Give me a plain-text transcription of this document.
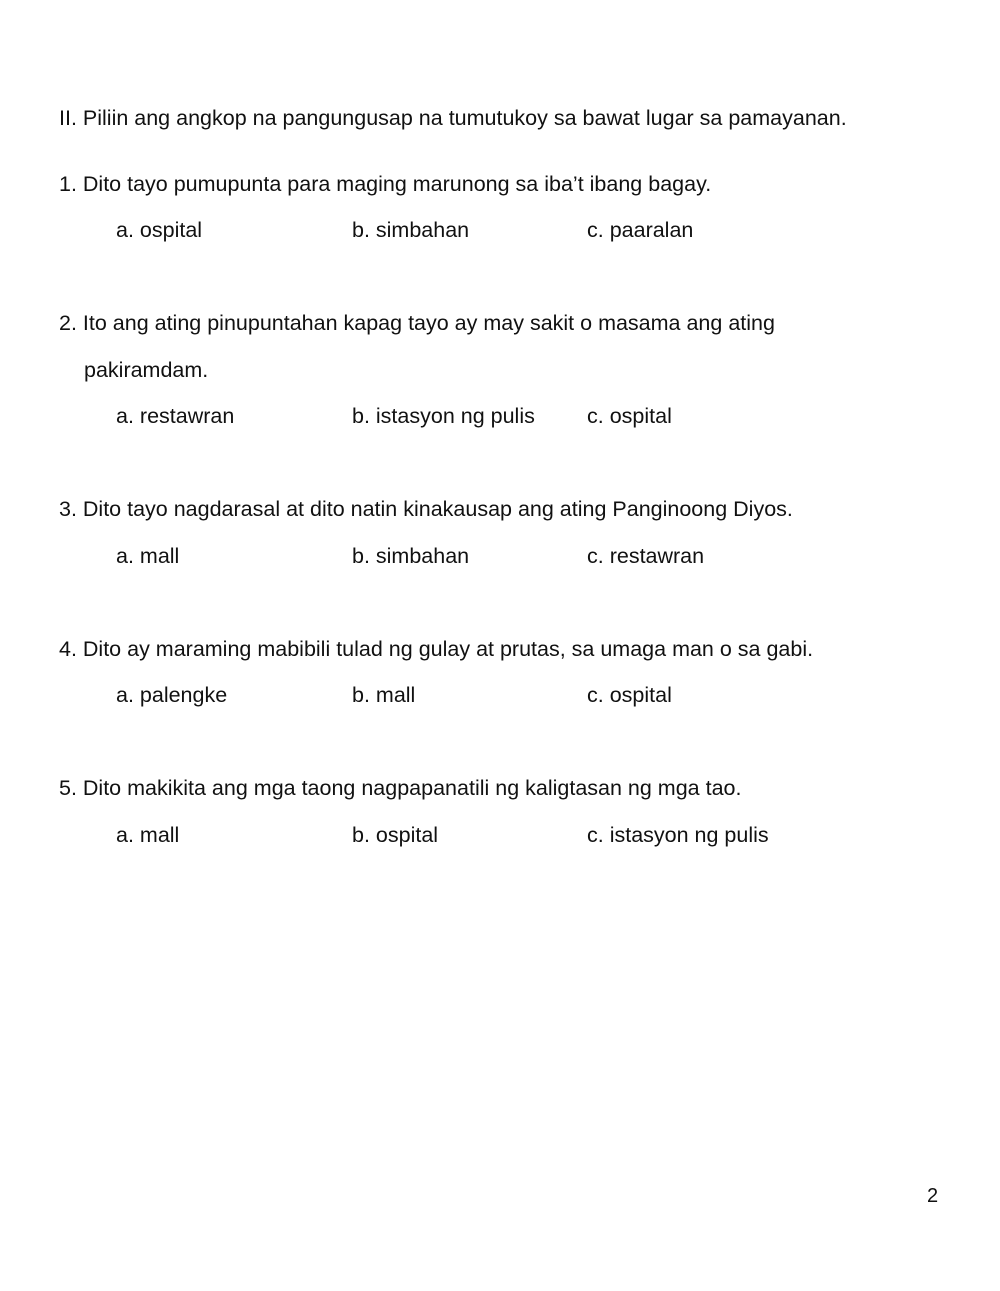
II. Piliin ang angkop na pangungusap na tumutukoy sa bawat lugar sa pamayanan.
1. Dito tayo pumupunta para maging marunong sa iba’t ibang bagay.
a. ospital	b. simbahan	c. paaralan
2. Ito ang ating pinupuntahan kapag tayo ay may sakit o masama ang ating
pakiramdam.
a. restawran	b. istasyon ng pulis c. ospital
3. Dito tayo nagdarasal at dito natin kinakausap ang ating Panginoong Diyos.
a. mall	b. simbahan	c. restawran
4. Dito ay maraming mabibili tulad ng gulay at prutas, sa umaga man o sa gabi.
a. palengke	b. mall	c. ospital
5. Dito makikita ang mga taong nagpapanatili ng kaligtasan ng mga tao.
a. mall	b. ospital	c. istasyon ng pulis
2
